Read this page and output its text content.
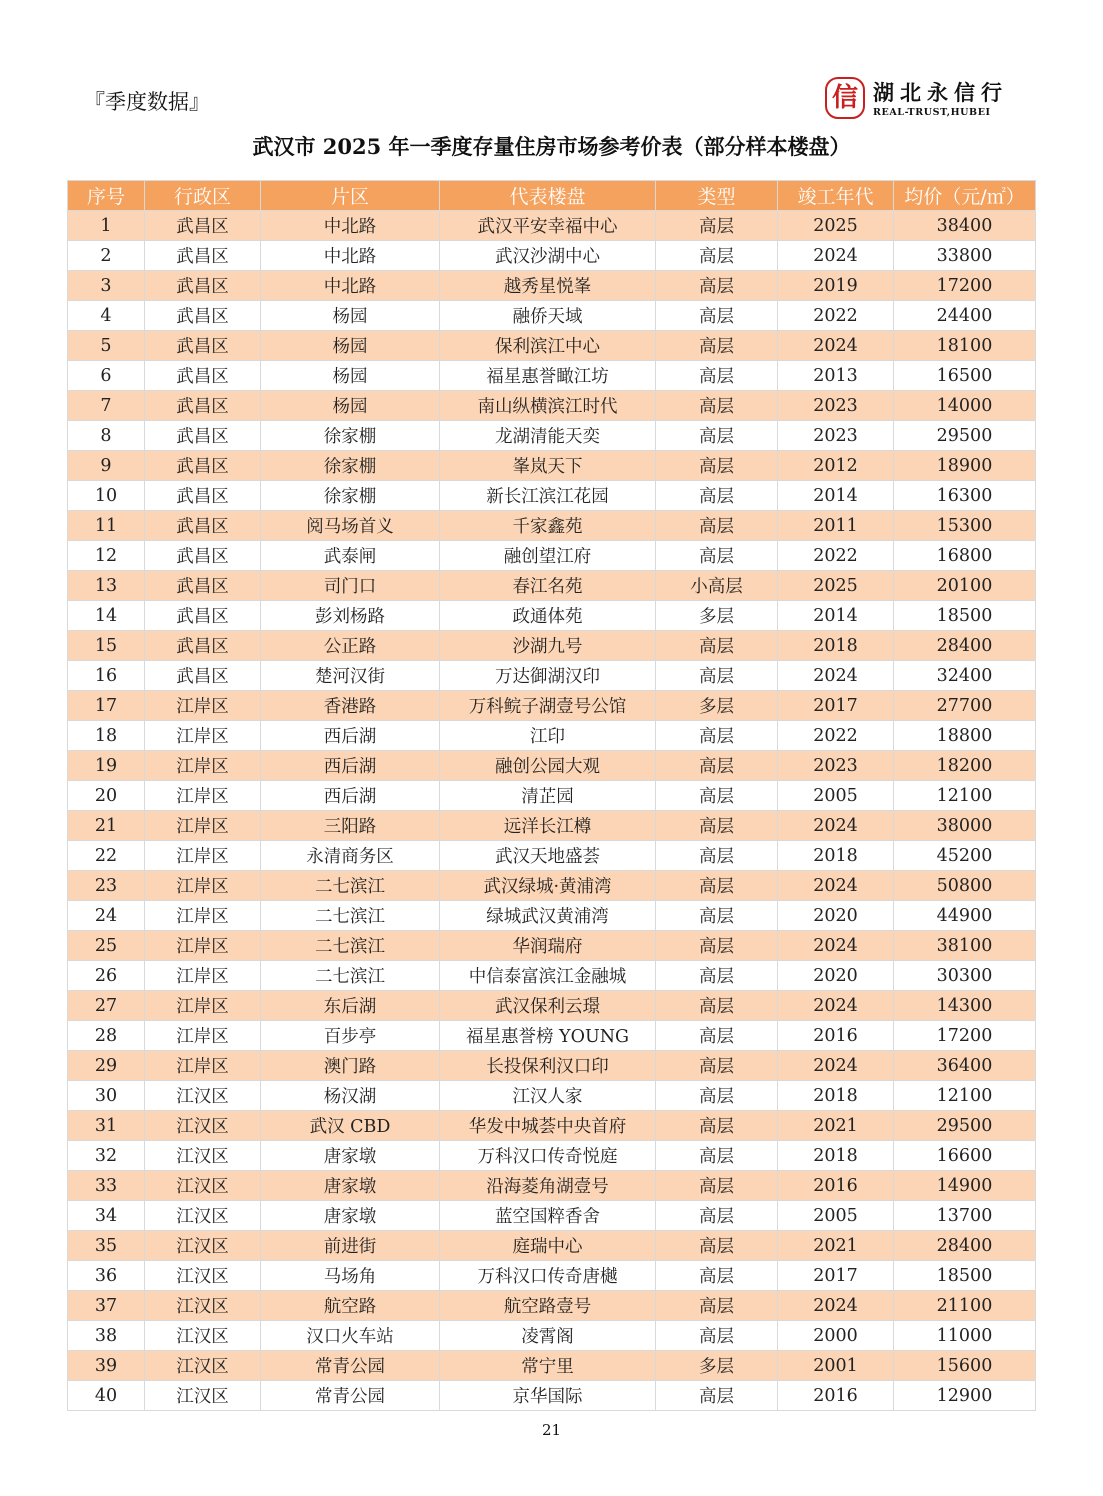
『季度数据』	信 湖北永信行
REAL-TRUST,HUBEI
武汉市 2025 年一季度存量住房市场参考价表（部分样本楼盘）
序号	行政区	片区	代表楼盘	类型	竣工年代	均价（元/㎡）
1	武昌区	中北路	武汉平安幸福中心	高层	2025	38400
2	武昌区	中北路	武汉沙湖中心	高层	2024	33800
3	武昌区	中北路	越秀星悦峯	高层	2019	17200
4	武昌区	杨园	融侨天域	高层	2022	24400
5	武昌区	杨园	保利滨江中心	高层	2024	18100
6	武昌区	杨园	福星惠誉瞰江坊	高层	2013	16500
7	武昌区	杨园	南山纵横滨江时代	高层	2023	14000
8	武昌区	徐家棚	龙湖清能天奕	高层	2023	29500
9	武昌区	徐家棚	峯岚天下	高层	2012	18900
10	武昌区	徐家棚	新长江滨江花园	高层	2014	16300
11	武昌区	阅马场首义	千家鑫苑	高层	2011	15300
12	武昌区	武泰闸	融创望江府	高层	2022	16800
13	武昌区	司门口	春江名苑	小高层	2025	20100
14	武昌区	彭刘杨路	政通体苑	多层	2014	18500
15	武昌区	公正路	沙湖九号	高层	2018	28400
16	武昌区	楚河汉街	万达御湖汉印	高层	2024	32400
17	江岸区	香港路	万科鲩子湖壹号公馆	多层	2017	27700
18	江岸区	西后湖	江印	高层	2022	18800
19	江岸区	西后湖	融创公园大观	高层	2023	18200
20	江岸区	西后湖	清芷园	高层	2005	12100
21	江岸区	三阳路	远洋长江樽	高层	2024	38000
22	江岸区	永清商务区	武汉天地盛荟	高层	2018	45200
23	江岸区	二七滨江	武汉绿城·黄浦湾	高层	2024	50800
24	江岸区	二七滨江	绿城武汉黄浦湾	高层	2020	44900
25	江岸区	二七滨江	华润瑞府	高层	2024	38100
26	江岸区	二七滨江	中信泰富滨江金融城	高层	2020	30300
27	江岸区	东后湖	武汉保利云璟	高层	2024	14300
28	江岸区	百步亭	福星惠誉榜 YOUNG	高层	2016	17200
29	江岸区	澳门路	长投保利汉口印	高层	2024	36400
30	江汉区	杨汉湖	江汉人家	高层	2018	12100
31	江汉区	武汉 CBD	华发中城荟中央首府	高层	2021	29500
32	江汉区	唐家墩	万科汉口传奇悦庭	高层	2018	16600
33	江汉区	唐家墩	沿海菱角湖壹号	高层	2016	14900
34	江汉区	唐家墩	蓝空国粹香舍	高层	2005	13700
35	江汉区	前进街	庭瑞中心	高层	2021	28400
36	江汉区	马场角	万科汉口传奇唐樾	高层	2017	18500
37	江汉区	航空路	航空路壹号	高层	2024	21100
38	江汉区	汉口火车站	凌霄阁	高层	2000	11000
39	江汉区	常青公园	常宁里	多层	2001	15600
40	江汉区	常青公园	京华国际	高层	2016	12900
21
